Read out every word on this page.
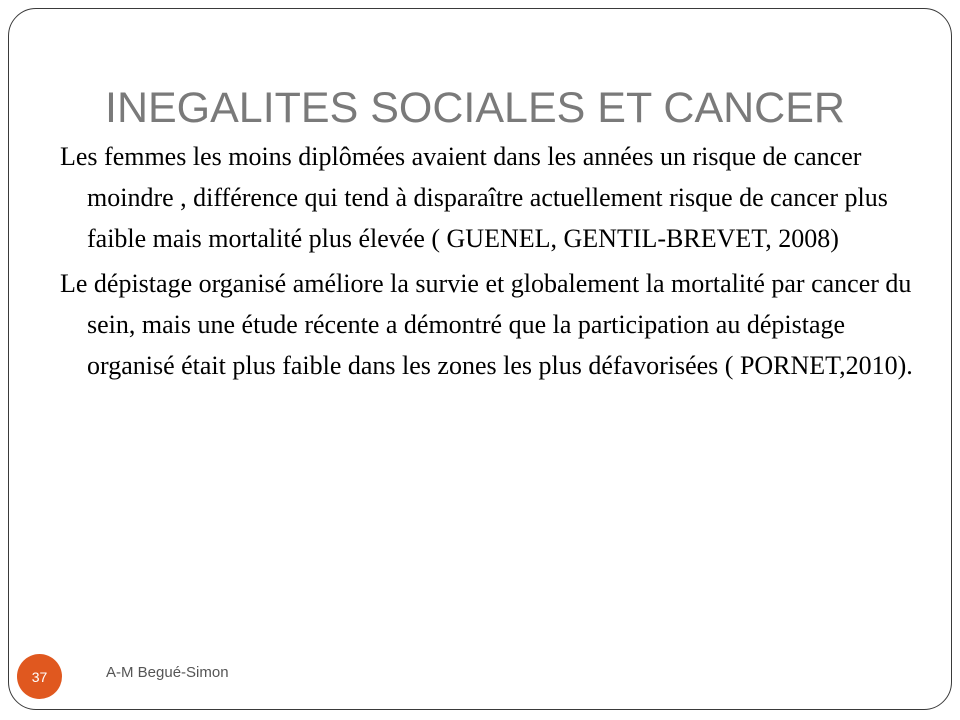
INEGALITES SOCIALES ET CANCER

Les femmes les moins diplômées avaient dans les années un risque de cancer moindre , différence qui tend à disparaître actuellement risque de cancer plus faible mais mortalité plus élevée ( GUENEL, GENTIL-BREVET, 2008)

Le dépistage organisé améliore la survie et globalement la mortalité par cancer du sein, mais une étude récente a démontré que la participation au dépistage organisé était plus faible dans les zones les plus défavorisées ( PORNET,2010).

37	A-M Begué-Simon
